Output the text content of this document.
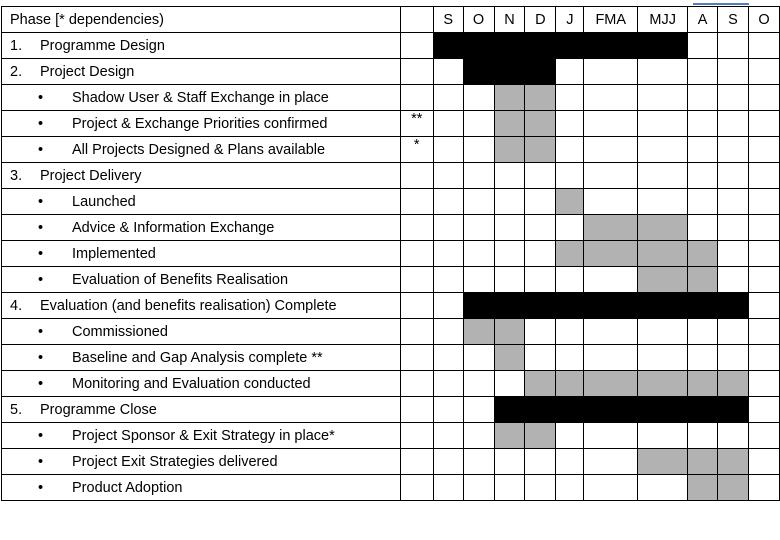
Phase [* dependencies)		S	O	N	D	J	FMA	MJJ	A	S	O
1. Programme Design											
2. Project Design											
• Shadow User & Staff Exchange in place											
• Project & Exchange Priorities confirmed	**										
• All Projects Designed & Plans available	*										
3. Project Delivery											
• Launched											
• Advice & Information Exchange											
• Implemented											
• Evaluation of Benefits Realisation											
4. Evaluation (and benefits realisation) Complete											
• Commissioned											
• Baseline and Gap Analysis complete **											
• Monitoring and Evaluation conducted											
5. Programme Close											
• Project Sponsor & Exit Strategy in place*											
• Project Exit Strategies delivered											
• Product Adoption											
